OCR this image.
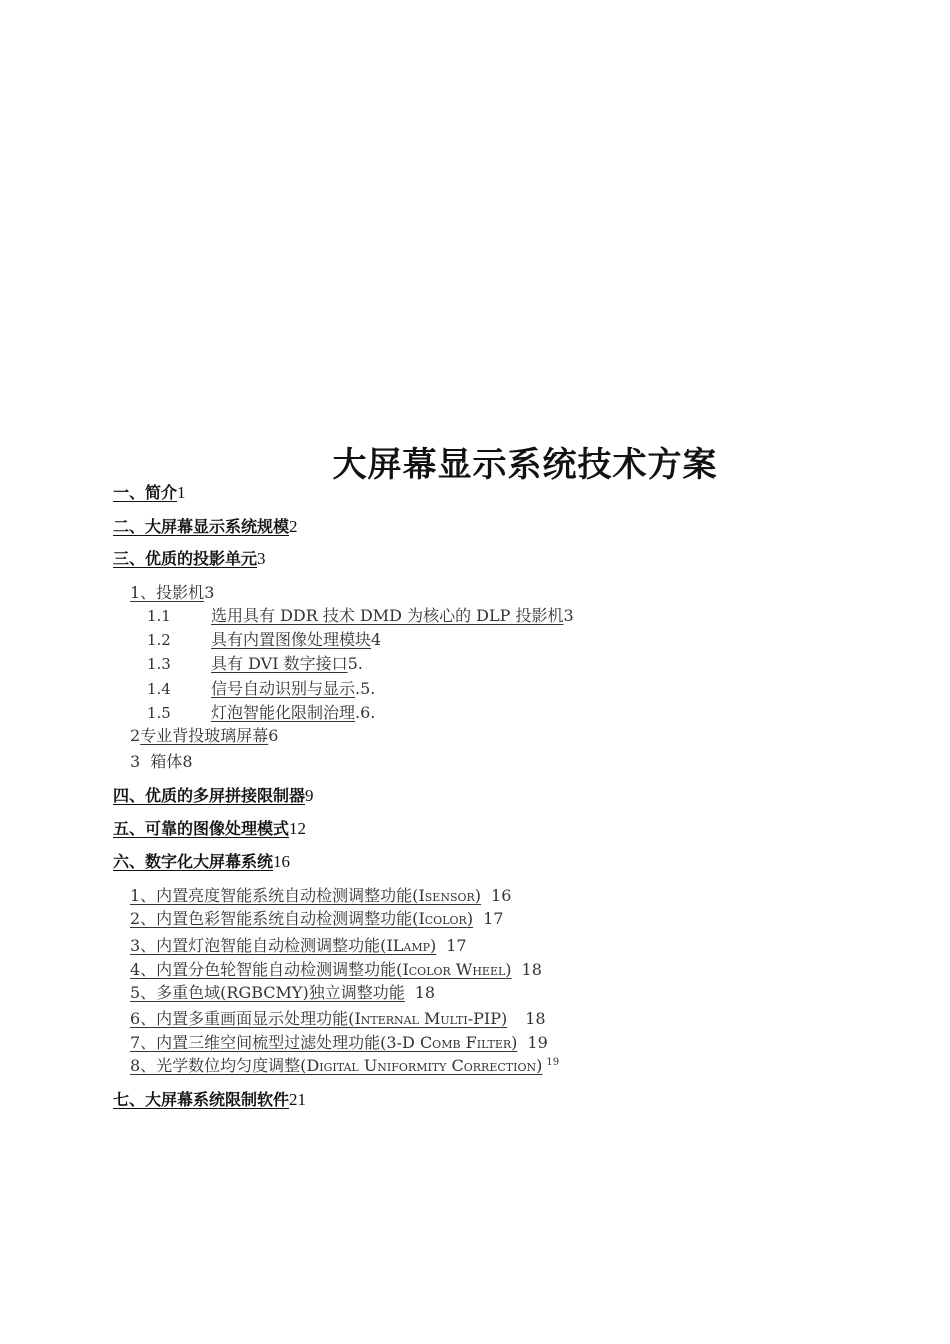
大屏幕显示系统技术方案
一、简介1
二、大屏幕显示系统规模2
三、优质的投影单元3
1、投影机3
1.1	选用具有 DDR 技术 DMD 为核心的 DLP 投影机3
1.2	具有内置图像处理模块4
1.3	具有 DVI 数字接口5.
1.4	信号自动识别与显示.5.
1.5	灯泡智能化限制治理.6.
2专业背投玻璃屏幕6
3  箱体8
四、优质的多屏拼接限制器9
五、可靠的图像处理模式12
六、数字化大屏幕系统16
1、内置亮度智能系统自动检测调整功能(Isensor) 16
2、内置色彩智能系统自动检测调整功能(Icolor) 17
3、内置灯泡智能自动检测调整功能(ILamp) 17
4、内置分色轮智能自动检测调整功能(Icolor Wheel) 18
5、多重色域(RGBCMY)独立调整功能 18
6、内置多重画面显示处理功能(Internal Multi-PIP) 18
7、内置三维空间梳型过滤处理功能(3-D Comb Filter) 19
8、光学数位均匀度调整(Digital Uniformity Correction) $^{19}$
七、大屏幕系统限制软件21
